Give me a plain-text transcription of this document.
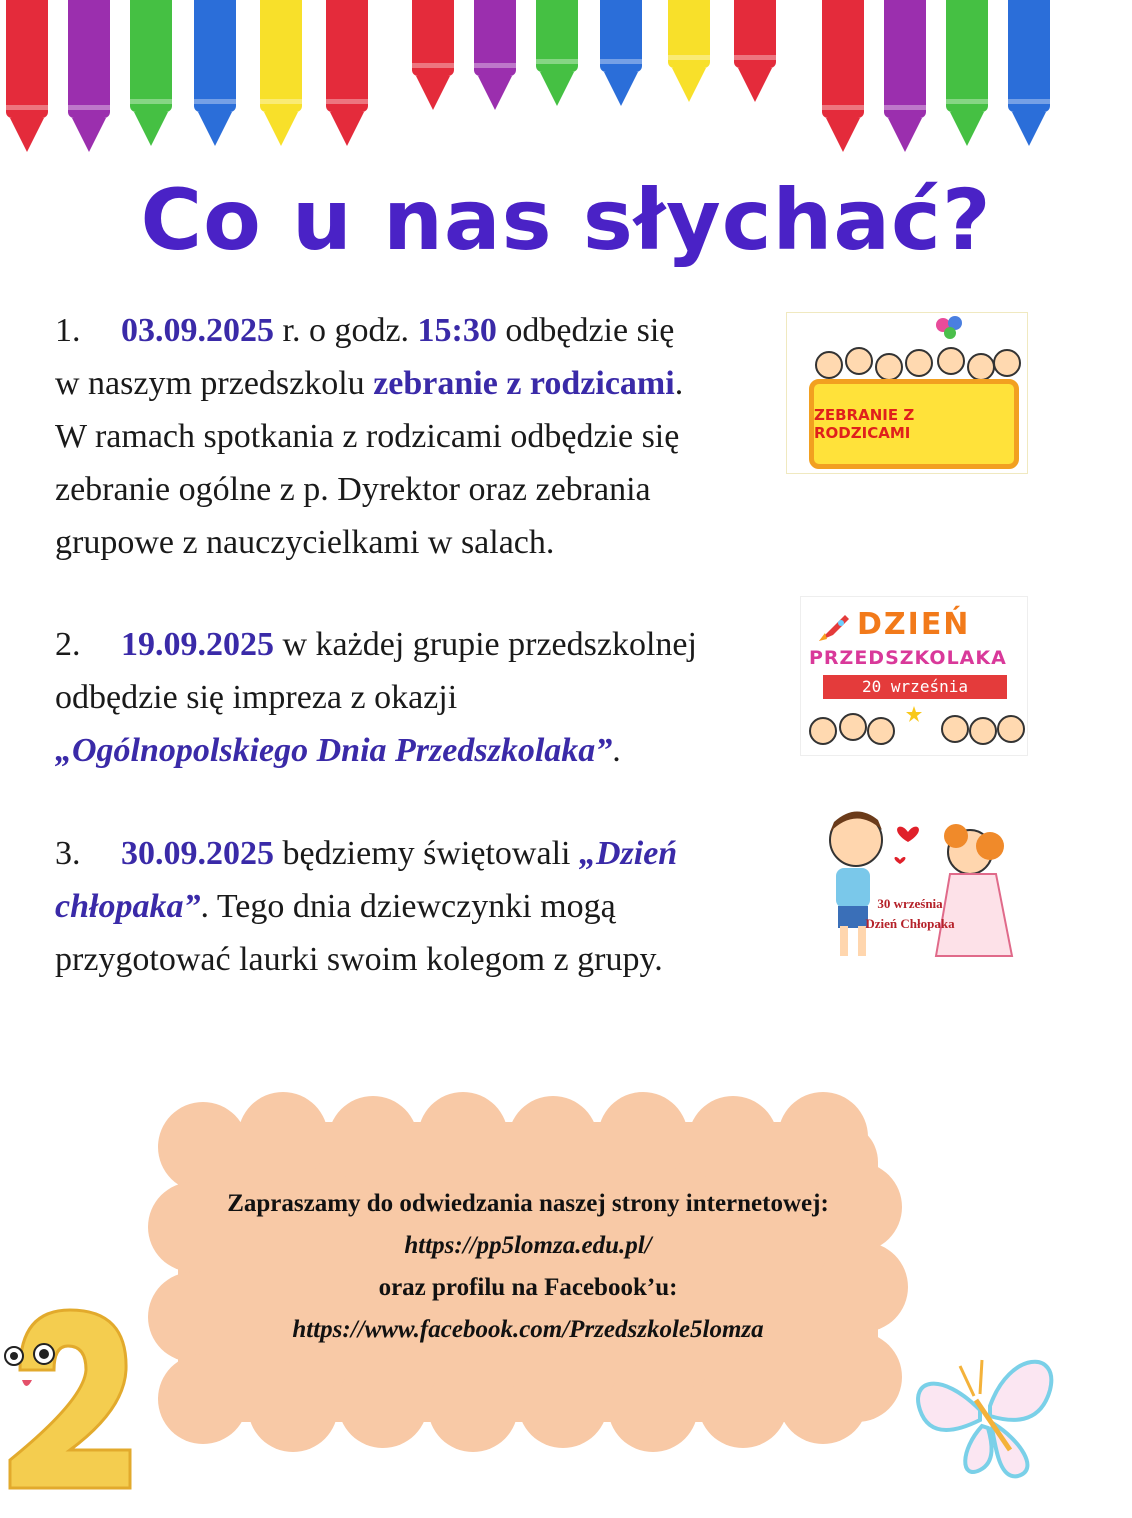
Co u nas słychać?
1. 03.09.2025 r. o godz. 15:30 odbędzie się
w naszym przedszkolu zebranie z rodzicami.
W ramach spotkania z rodzicami odbędzie się
zebranie ogólne z p. Dyrektor oraz zebrania
grupowe z nauczycielkami w salach.
2. 19.09.2025 w każdej grupie przedszkolnej
odbędzie się impreza z okazji
„Ogólnopolskiego Dnia Przedszkolaka”.
3. 30.09.2025 będziemy świętowali „Dzień
chłopaka”. Tego dnia dziewczynki mogą
przygotować laurki swoim kolegom z grupy.
ZEBRANIE Z RODZICAMI
DZIEŃ
PRZEDSZKOLAKA
20 września
30 września
Dzień Chłopaka
Zapraszamy do odwiedzania naszej strony internetowej:
https://pp5lomza.edu.pl/
oraz profilu na Facebook’u:
https://www.facebook.com/Przedszkole5lomza
